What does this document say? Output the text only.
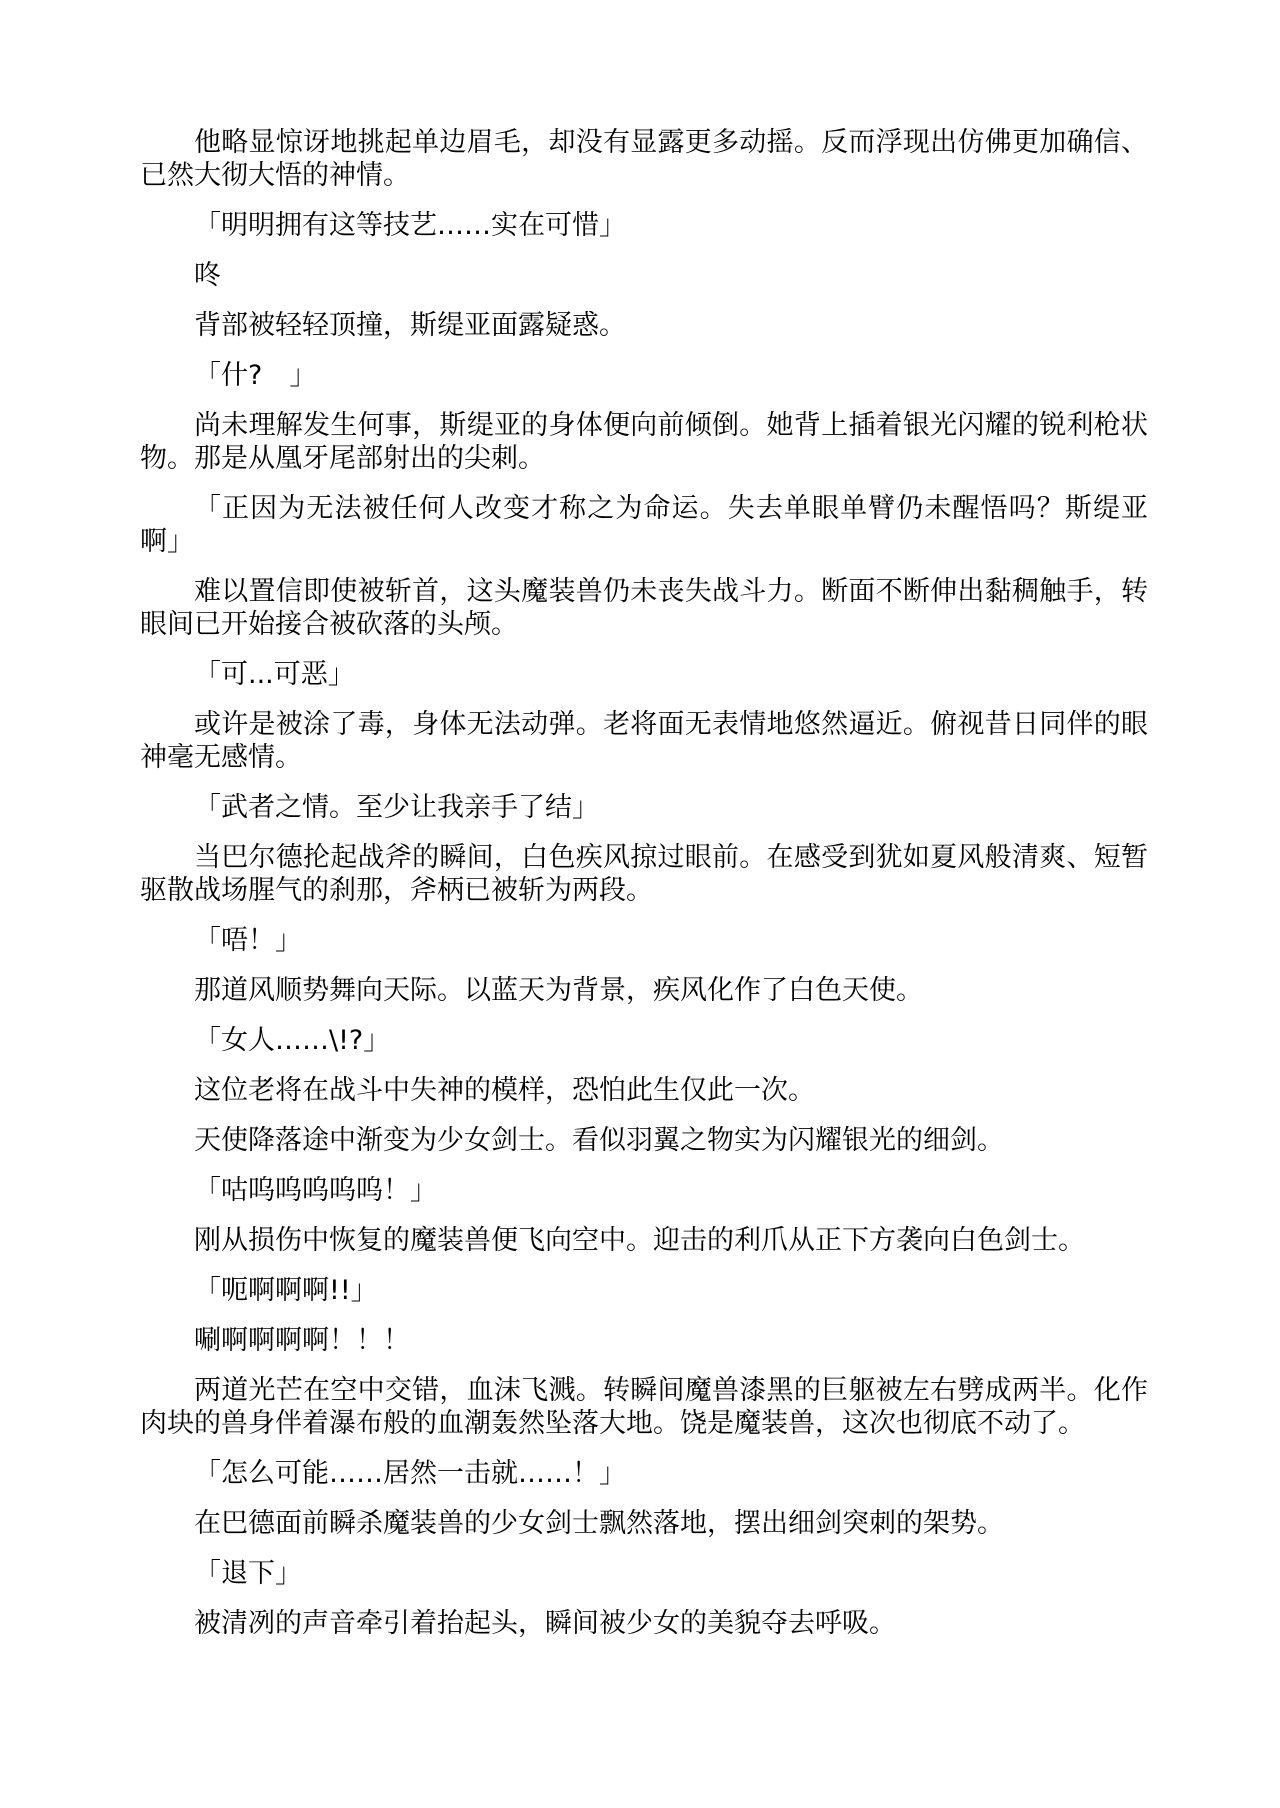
他略显惊讶地挑起单边眉毛，却没有显露更多动摇。反而浮现出仿佛更加确信、已然大彻大悟的神情。

「明明拥有这等技艺……实在可惜」

咚

背部被轻轻顶撞，斯缇亚面露疑惑。

「什?　」

尚未理解发生何事，斯缇亚的身体便向前倾倒。她背上插着银光闪耀的锐利枪状物。那是从凰牙尾部射出的尖刺。

「正因为无法被任何人改变才称之为命运。失去单眼单臂仍未醒悟吗？斯缇亚啊」

难以置信即使被斩首，这头魔装兽仍未丧失战斗力。断面不断伸出黏稠触手，转眼间已开始接合被砍落的头颅。

「可...可恶」

或许是被涂了毒，身体无法动弹。老将面无表情地悠然逼近。俯视昔日同伴的眼神毫无感情。

「武者之情。至少让我亲手了结」

当巴尔德抡起战斧的瞬间，白色疾风掠过眼前。在感受到犹如夏风般清爽、短暂驱散战场腥气的刹那，斧柄已被斩为两段。

「唔！」

那道风顺势舞向天际。以蓝天为背景，疾风化作了白色天使。

「女人……\!?」

这位老将在战斗中失神的模样，恐怕此生仅此一次。

天使降落途中渐变为少女剑士。看似羽翼之物实为闪耀银光的细剑。

「咕呜呜呜呜呜！」

刚从损伤中恢复的魔装兽便飞向空中。迎击的利爪从正下方袭向白色剑士。

「呃啊啊啊!!」

唰啊啊啊啊！！！

两道光芒在空中交错，血沫飞溅。转瞬间魔兽漆黑的巨躯被左右劈成两半。化作肉块的兽身伴着瀑布般的血潮轰然坠落大地。饶是魔装兽，这次也彻底不动了。

「怎么可能……居然一击就……！」

在巴德面前瞬杀魔装兽的少女剑士飘然落地，摆出细剑突刺的架势。

「退下」

被清冽的声音牵引着抬起头，瞬间被少女的美貌夺去呼吸。
